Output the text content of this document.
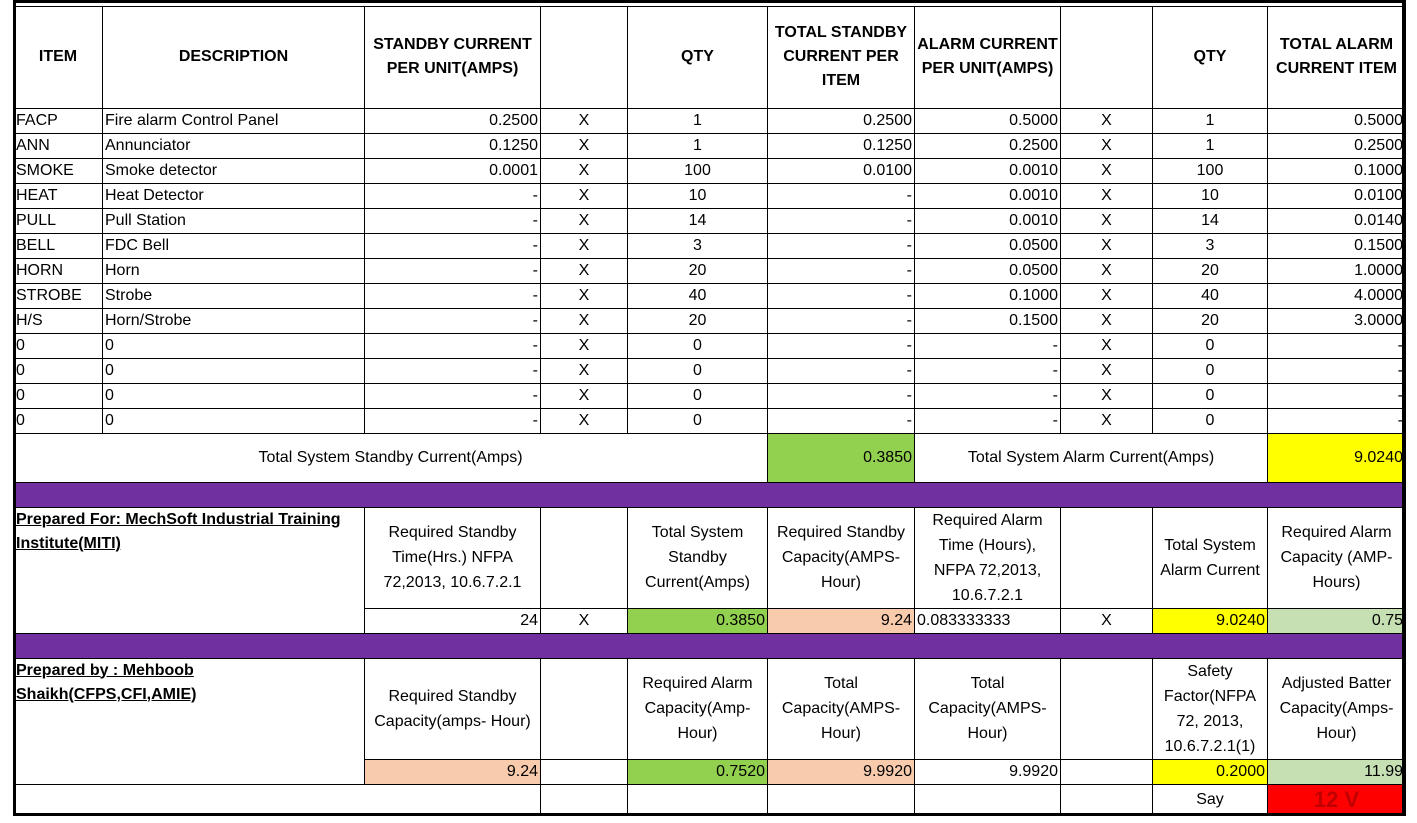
ITEM	DESCRIPTION	STANDBY CURRENT PER UNIT(AMPS)		QTY	TOTAL STANDBY CURRENT PER ITEM	ALARM CURRENT PER UNIT(AMPS)		QTY	TOTAL ALARM CURRENT ITEM
FACP	Fire alarm Control Panel	0.2500	X	1	0.2500	0.5000	X	1	0.5000
ANN	Annunciator	0.1250	X	1	0.1250	0.2500	X	1	0.2500
SMOKE	Smoke detector	0.0001	X	100	0.0100	0.0010	X	100	0.1000
HEAT	Heat Detector	-	X	10	-	0.0010	X	10	0.0100
PULL	Pull Station	-	X	14	-	0.0010	X	14	0.0140
BELL	FDC Bell	-	X	3	-	0.0500	X	3	0.1500
HORN	Horn	-	X	20	-	0.0500	X	20	1.0000
STROBE	Strobe	-	X	40	-	0.1000	X	40	4.0000
H/S	Horn/Strobe	-	X	20	-	0.1500	X	20	3.0000
0	0	-	X	0	-	-	X	0	-
0	0	-	X	0	-	-	X	0	-
0	0	-	X	0	-	-	X	0	-
0	0	-	X	0	-	-	X	0	-
Total System Standby Current(Amps)					0.3850	Total System Alarm Current(Amps)			9.0240

Prepared For: MechSoft Industrial Training Institute(MITI)		Required Standby Time(Hrs.) NFPA 72,2013, 10.6.7.2.1		Total System Standby Current(Amps)	Required Standby Capacity(AMPS-Hour)	Required Alarm Time (Hours), NFPA 72,2013, 10.6.7.2.1		Total System Alarm Current	Required Alarm Capacity (AMP-Hours)
		24	X	0.3850	9.24	0.083333333	X	9.0240	0.75

Prepared by : Mehboob Shaikh(CFPS,CFI,AMIE)		Required Standby Capacity(amps- Hour)		Required Alarm Capacity(Amp-Hour)	Total Capacity(AMPS-Hour)	Total Capacity(AMPS-Hour)		Safety Factor(NFPA 72, 2013, 10.6.7.2.1(1)	Adjusted Batter Capacity(Amps-Hour)
		9.24		0.7520	9.9920	9.9920		0.2000	11.99
								Say	12 V
